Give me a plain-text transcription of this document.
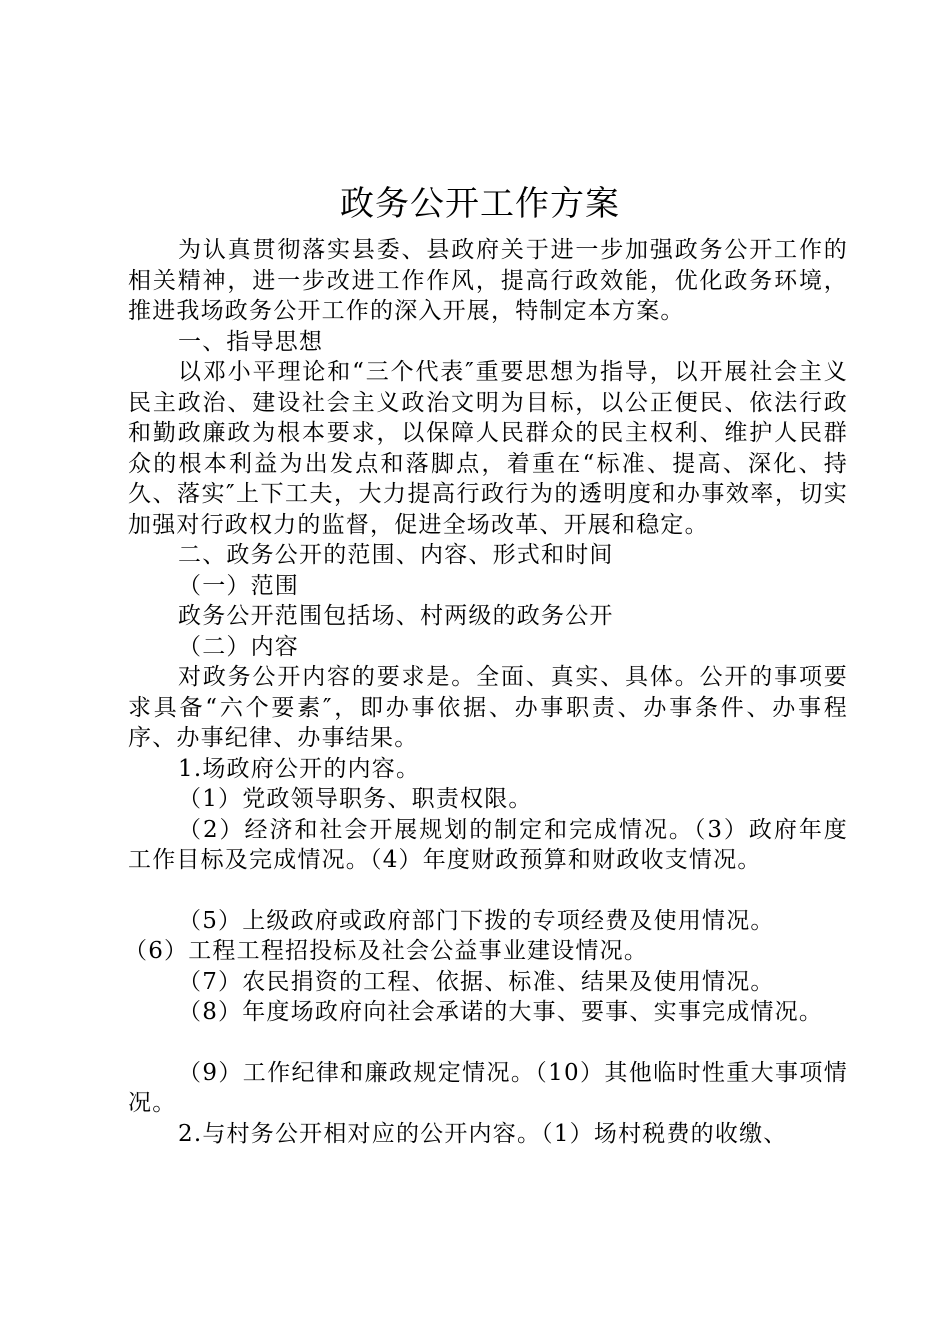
政务公开工作方案

为认真贯彻落实县委、县政府关于进一步加强政务公开工作的相关精神，进一步改进工作作风，提高行政效能，优化政务环境，推进我场政务公开工作的深入开展，特制定本方案。

一、指导思想

以邓小平理论和“三个代表″重要思想为指导，以开展社会主义民主政治、建设社会主义政治文明为目标，以公正便民、依法行政和勤政廉政为根本要求，以保障人民群众的民主权利、维护人民群众的根本利益为出发点和落脚点，着重在“标准、提高、深化、持久、落实″上下工夫，大力提高行政行为的透明度和办事效率，切实加强对行政权力的监督，促进全场改革、开展和稳定。

二、政务公开的范围、内容、形式和时间

（一）范围

政务公开范围包括场、村两级的政务公开

（二）内容

对政务公开内容的要求是。全面、真实、具体。公开的事项要求具备“六个要素″，即办事依据、办事职责、办事条件、办事程序、办事纪律、办事结果。

1.场政府公开的内容。

（1）党政领导职务、职责权限。

（2）经济和社会开展规划的制定和完成情况。（3）政府年度工作目标及完成情况。（4）年度财政预算和财政收支情况。

（5）上级政府或政府部门下拨的专项经费及使用情况。

（6）工程工程招投标及社会公益事业建设情况。

（7）农民捐资的工程、依据、标准、结果及使用情况。

（8）年度场政府向社会承诺的大事、要事、实事完成情况。

（9）工作纪律和廉政规定情况。（10）其他临时性重大事项情况。

2.与村务公开相对应的公开内容。（1）场村税费的收缴、
